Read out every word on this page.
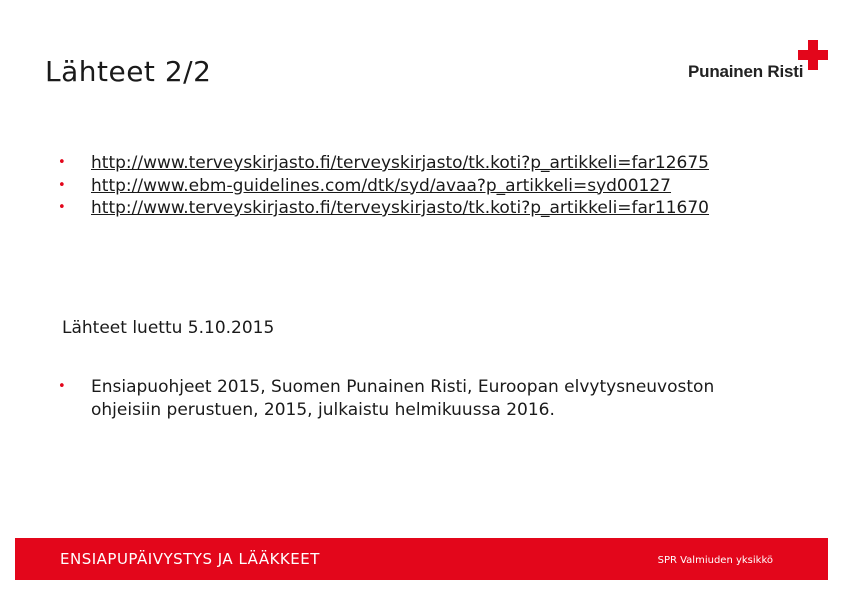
Lähteet 2/2	Punainen Risti
• http://www.terveyskirjasto.fi/terveyskirjasto/tk.koti?p_artikkeli=far12675
• http://www.ebm-guidelines.com/dtk/syd/avaa?p_artikkeli=syd00127
• http://www.terveyskirjasto.fi/terveyskirjasto/tk.koti?p_artikkeli=far11670
Lähteet luettu 5.10.2015
• Ensiapuohjeet 2015, Suomen Punainen Risti, Euroopan elvytysneuvoston ohjeisiin perustuen, 2015, julkaistu helmikuussa 2016.
ENSIAPUPÄIVYSTYS JA LÄÄKKEET	SPR Valmiuden yksikkö
